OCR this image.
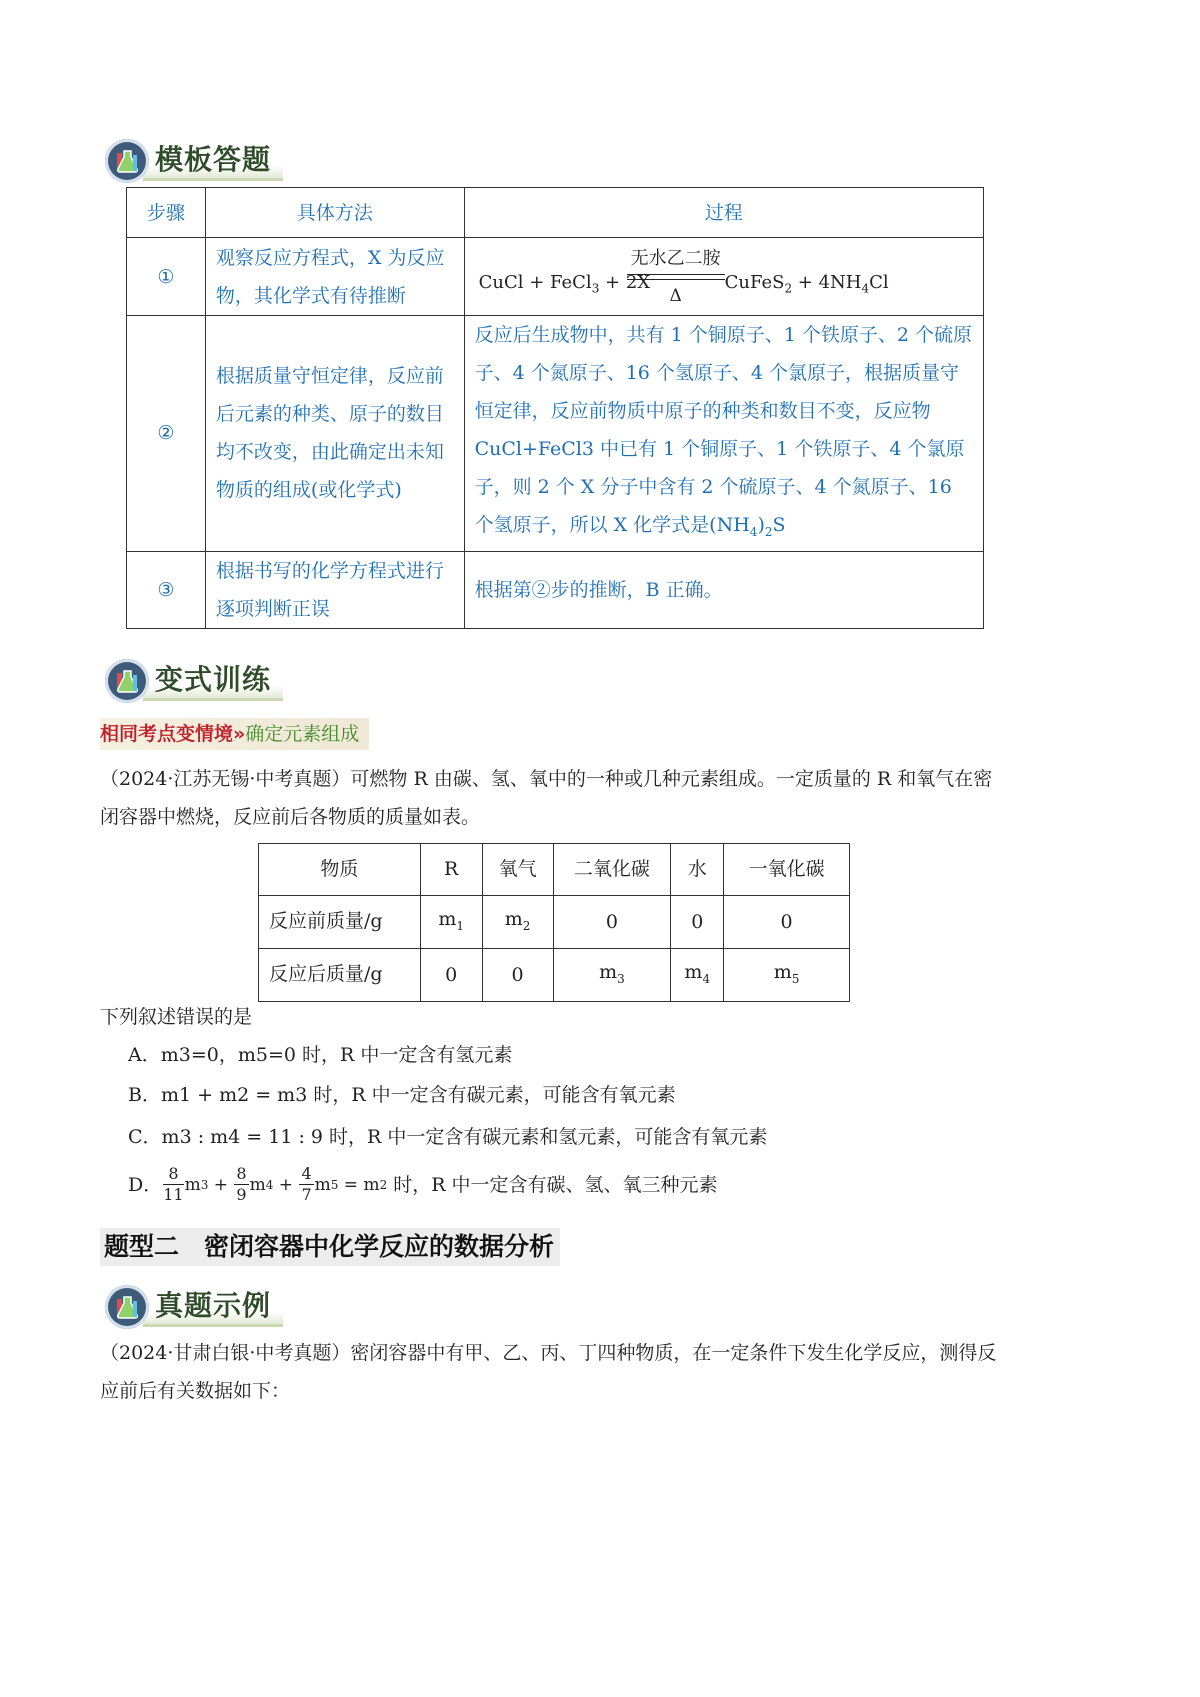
模板答题
步骤	具体方法	过程
①	观察反应方程式，X 为反应物，其化学式有待推断	CuCl + FeCl$_3$ + 2X
无水乙二胺
Δ
CuFeS$_2$ + $4NH_4Cl$

②	根据质量守恒定律，反应前后元素的种类、原子的数目均不改变，由此确定出未知物质的组成(或化学式)	反应后生成物中，共有 1 个铜原子、1 个铁原子、2 个硫原子、4 个氮原子、16 个氢原子、4 个氯原子，根据质量守恒定律，反应前物质中原子的种类和数目不变，反应物 CuCl+FeCl3 中已有 1 个铜原子、1 个铁原子、4 个氯原子，则 2 个 X 分子中含有 2 个硫原子、4 个氮原子、16 个氢原子，所以 X 化学式是$(NH_4)_2S$
③	根据书写的化学方程式进行逐项判断正误	根据第②步的推断，B 正确。
变式训练
相同考点变情境»确定元素组成
（2024·江苏无锡·中考真题）可燃物 R 由碳、氢、氧中的一种或几种元素组成。一定质量的 R 和氧气在密闭容器中燃烧，反应前后各物质的质量如表。
物质	R	氧气	二氧化碳	水	一氧化碳
反应前质量/g	$m_1$	$m_2$	0	0	0
反应后质量/g	0	0	$m_3$	$m_4$	$m_5$
下列叙述错误的是
A．m3=0，m5=0 时，R 中一定含有氢元素
B．m1 + m2 = m3 时，R 中一定含有碳元素，可能含有氧元素
C．m3 : m4 = 11 : 9 时，R 中一定含有碳元素和氢元素，可能含有氧元素
D． $\frac{8}{11}$ m $3 + \frac{8}{9}$ m $4 + \frac{4}{7}$ m 5 = m 2 时，R 中一定含有碳、氢、氧三种元素
题型二　密闭容器中化学反应的数据分析
真题示例
（2024·甘肃白银·中考真题）密闭容器中有甲、乙、丙、丁四种物质，在一定条件下发生化学反应，测得反应前后有关数据如下：
